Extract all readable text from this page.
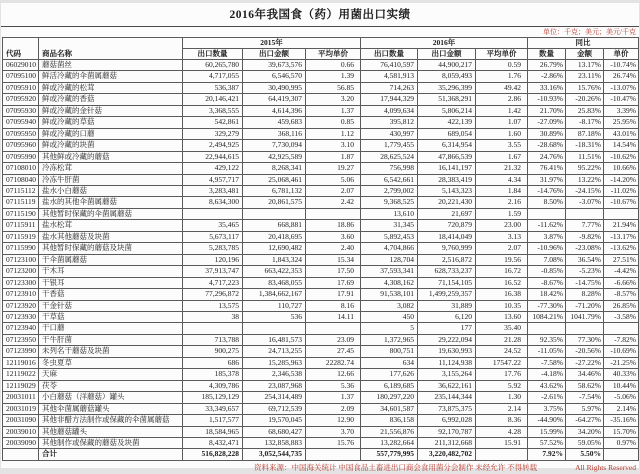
2016年我国食（药）用菌出口实绩
单位：千克；美元；美元/千克
代码	商品名称	2015年			2016年			同比		
		出口数量	出口金额	平均单价	出口数量	出口金额	平均单价	数量	金额	单价
06029010	蘑菇菌丝	60,265,780	39,673,576	0.66	76,410,597	44,900,217	0.59	26.79%	13.17%	-10.74%
07095100	鲜活冷藏的伞菌属蘑菇	4,717,055	6,546,570	1.39	4,581,913	8,059,493	1.76	-2.86%	23.11%	26.74%
07095910	鲜或冷藏的松茸	536,387	30,490,995	56.85	714,263	35,296,399	49.42	33.16%	15.76%	-13.07%
07095920	鲜或冷藏的香菇	20,146,421	64,419,307	3.20	17,944,329	51,368,291	2.86	-10.93%	-20.26%	-10.47%
07095930	鲜或冷藏的金针菇	3,368,555	4,614,396	1.37	4,099,634	5,806,214	1.42	21.70%	25.83%	3.39%
07095940	鲜或冷藏的草菇	542,861	459,683	0.85	395,812	422,139	1.07	-27.09%	-8.17%	25.95%
07095950	鲜或冷藏的口蘑	329,279	368,116	1.12	430,997	689,054	1.60	30.89%	87.18%	43.01%
07095960	鲜或冷藏的块菌	2,494,925	7,730,094	3.10	1,779,455	6,314,954	3.55	-28.68%	-18.31%	14.54%
07095990	其他鲜或冷藏的蘑菇	22,944,615	42,925,589	1.87	28,625,524	47,866,539	1.67	24.76%	11.51%	-10.62%
07108010	冷冻松茸	429,122	8,268,341	19.27	756,998	16,141,197	21.32	76.41%	95.22%	10.66%
07108040	冷冻牛肝菌	4,957,717	25,068,461	5.06	6,542,661	28,383,419	4.34	31.97%	13.22%	-14.20%
07115112	盐水小白蘑菇	3,283,481	6,781,132	2.07	2,799,002	5,143,323	1.84	-14.76%	-24.15%	-11.02%
07115119	盐水的其他伞菌属蘑菇	8,634,300	20,861,575	2.42	9,368,525	20,221,430	2.16	8.50%	-3.07%	-10.67%
07115190	其他暂时保藏的伞菌属蘑菇				13,610	21,697	1.59			
07115911	盐水松茸	35,465	668,881	18.86	31,345	720,879	23.00	-11.62%	7.77%	21.94%
07115919	盐水其他蘑菇及块菌	5,673,117	20,418,695	3.60	5,892,453	18,414,049	3.13	3.87%	-9.82%	-13.17%
07115990	其他暂时保藏的蘑菇及块菌	5,283,785	12,690,482	2.40	4,704,866	9,760,999	2.07	-10.96%	-23.08%	-13.62%
07123100	干伞菌属蘑菇	120,196	1,843,324	15.34	128,704	2,516,872	19.56	7.08%	36.54%	27.51%
07123200	干木耳	37,913,747	663,422,353	17.50	37,593,341	628,733,237	16.72	-0.85%	-5.23%	-4.42%
07123300	干银耳	4,717,223	83,468,055	17.69	4,308,162	71,154,105	16.52	-8.67%	-14.75%	-6.66%
07123910	干香菇	77,296,872	1,384,662,167	17.91	91,538,101	1,499,259,357	16.38	18.42%	8.28%	-8.57%
07123920	干金针菇	13,575	110,727	8.16	3,082	31,889	10.35	-77.30%	-71.20%	26.85%
07123930	干草菇	38	536	14.11	450	6,120	13.60	1084.21%	1041.79%	-3.58%
07123940	干口蘑				5	177	35.40			
07123950	干牛肝菌	713,788	16,481,573	23.09	1,372,965	29,222,094	21.28	92.35%	77.30%	-7.82%
07123990	未列名干蘑菇及块菌	900,275	24,713,255	27.45	800,751	19,630,993	24.52	-11.05%	-20.56%	-10.69%
12119016	冬虫夏草	686	15,285,963	22282.74	634	11,124,938	17547.22	-7.58%	-27.22%	-21.25%
12119022	天麻	185,378	2,346,538	12.66	177,626	3,155,264	17.76	-4.18%	34.46%	40.33%
12119029	茯苓	4,309,786	23,087,968	5.36	6,189,685	36,622,161	5.92	43.62%	58.62%	10.44%
20031011	小白蘑菇（洋蘑菇）罐头	185,129,129	254,314,489	1.37	180,297,220	235,144,344	1.30	-2.61%	-7.54%	-5.06%
20031019	其他伞菌属蘑菇罐头	33,349,657	69,712,539	2.09	34,601,587	73,875,375	2.14	3.75%	5.97%	2.14%
20031090	其他非醋方法制作或保藏的伞菌属蘑菇	1,517,577	19,570,045	12.90	836,158	6,992,028	8.36	-44.90%	-64.27%	-35.16%
20039010	其他蘑菇罐头	18,584,965	68,680,427	3.70	21,556,876	92,170,787	4.28	15.99%	34.20%	15.70%
20039090	其他制作或保藏的蘑菇及块菌	8,432,471	132,858,883	15.76	13,282,664	211,312,668	15.91	57.52%	59.05%	0.97%
	合计	516,828,228	3,052,544,735		557,779,995	3,220,482,702		7.92%	5.50%	
资料来源：中国海关统计 中国食品土畜进出口商会食用菌分会制作 未经允许 不得转载	All Rights Reserved
